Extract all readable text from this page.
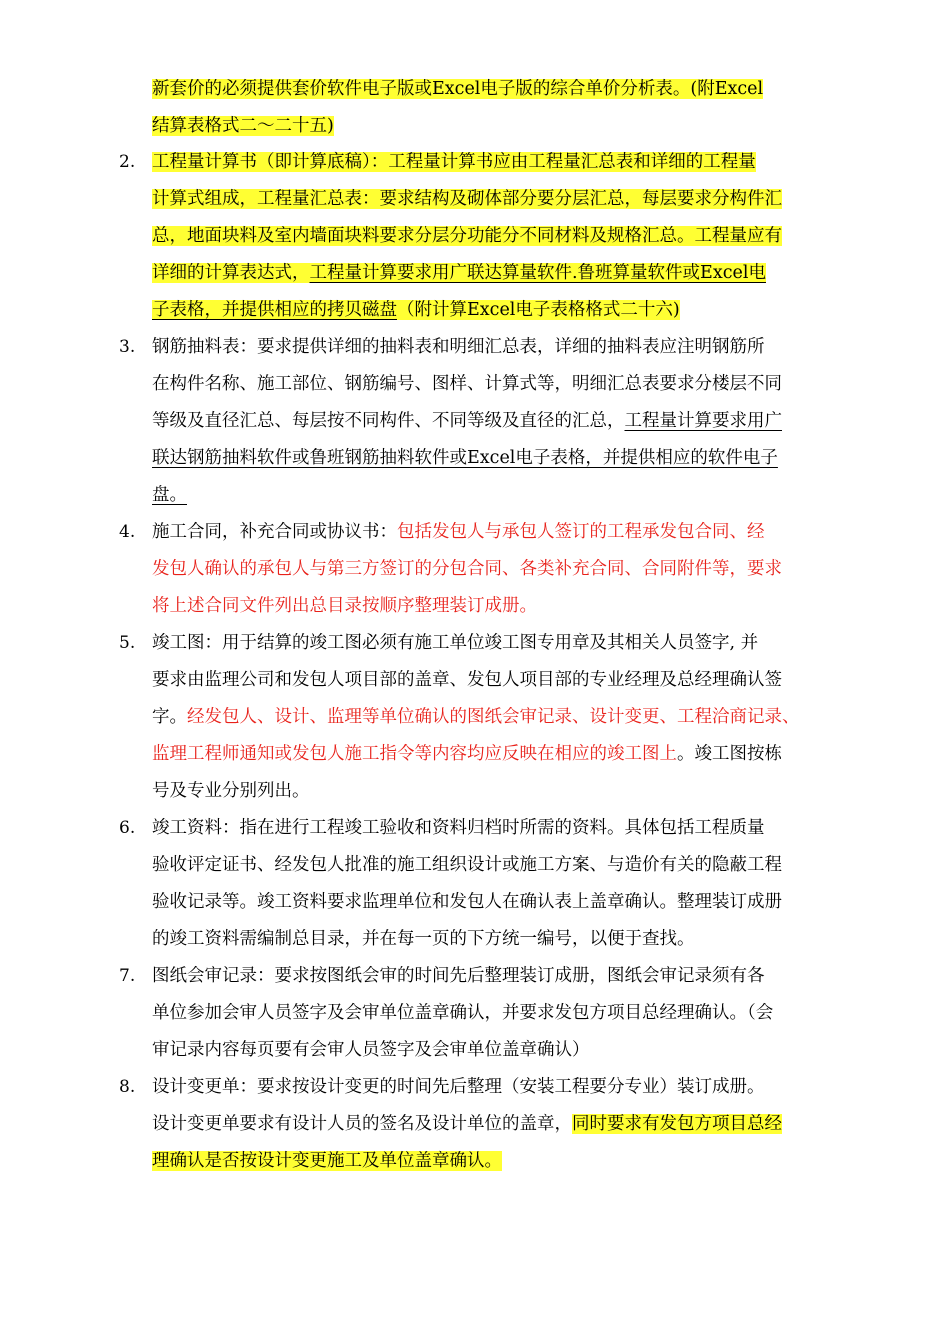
新套价的必须提供套价软件电子版或Excel电子版的综合单价分析表。(附Excel
结算表格式二～二十五)
2. 工程量计算书（即计算底稿）：工程量计算书应由工程量汇总表和详细的工程量
计算式组成，工程量汇总表：要求结构及砌体部分要分层汇总，每层要求分构件汇
总，地面块料及室内墙面块料要求分层分功能分不同材料及规格汇总。工程量应有
详细的计算表达式，工程量计算要求用广联达算量软件.鲁班算量软件或Excel电
子表格，并提供相应的拷贝磁盘（附计算Excel电子表格格式二十六)
3. 钢筋抽料表：要求提供详细的抽料表和明细汇总表，详细的抽料表应注明钢筋所
在构件名称、施工部位、钢筋编号、图样、计算式等，明细汇总表要求分楼层不同
等级及直径汇总、每层按不同构件、不同等级及直径的汇总，工程量计算要求用广
联达钢筋抽料软件或鲁班钢筋抽料软件或Excel电子表格，并提供相应的软件电子
盘。
4. 施工合同，补充合同或协议书：包括发包人与承包人签订的工程承发包合同、经
发包人确认的承包人与第三方签订的分包合同、各类补充合同、合同附件等，要求
将上述合同文件列出总目录按顺序整理装订成册。
5. 竣工图：用于结算的竣工图必须有施工单位竣工图专用章及其相关人员签字, 并
要求由监理公司和发包人项目部的盖章、发包人项目部的专业经理及总经理确认签
字。经发包人、设计、监理等单位确认的图纸会审记录、设计变更、工程洽商记录、
监理工程师通知或发包人施工指令等内容均应反映在相应的竣工图上。竣工图按栋
号及专业分别列出。
6. 竣工资料：指在进行工程竣工验收和资料归档时所需的资料。具体包括工程质量
验收评定证书、经发包人批准的施工组织设计或施工方案、与造价有关的隐蔽工程
验收记录等。竣工资料要求监理单位和发包人在确认表上盖章确认。整理装订成册
的竣工资料需编制总目录，并在每一页的下方统一编号，以便于查找。
7. 图纸会审记录：要求按图纸会审的时间先后整理装订成册，图纸会审记录须有各
单位参加会审人员签字及会审单位盖章确认，并要求发包方项目总经理确认。（会
审记录内容每页要有会审人员签字及会审单位盖章确认）
8. 设计变更单：要求按设计变更的时间先后整理（安装工程要分专业）装订成册。
设计变更单要求有设计人员的签名及设计单位的盖章，同时要求有发包方项目总经
理确认是否按设计变更施工及单位盖章确认。
